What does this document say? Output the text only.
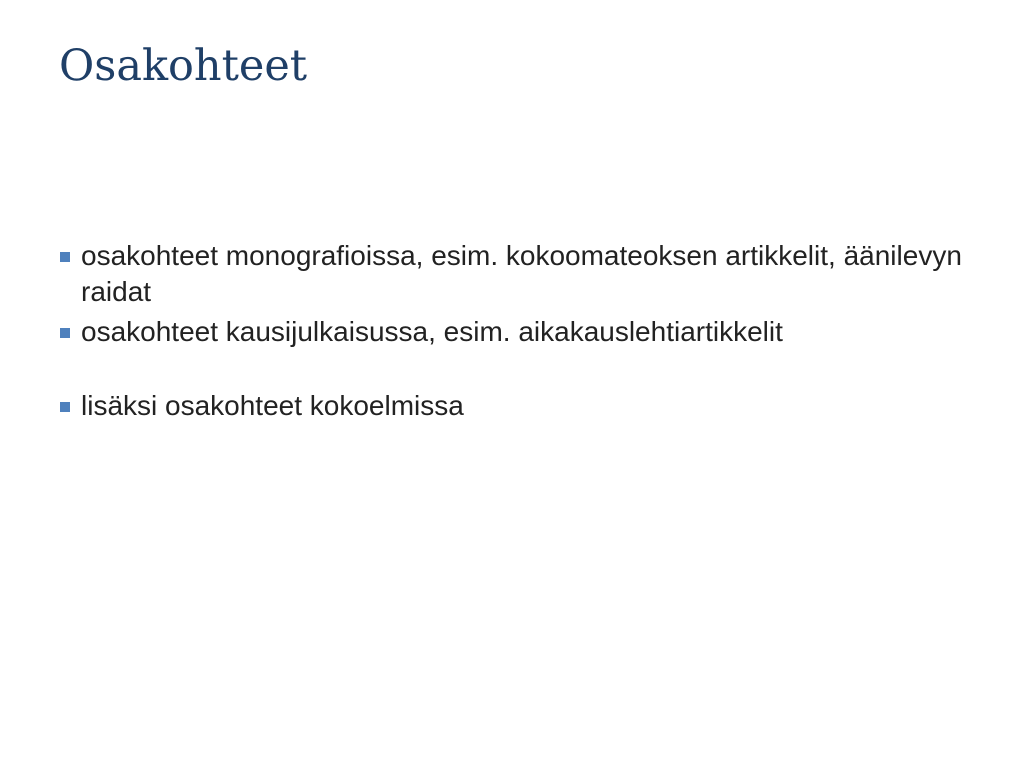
Osakohteet
osakohteet monografioissa, esim. kokoomateoksen artikkelit, äänilevyn raidat
osakohteet kausijulkaisussa, esim. aikakauslehtiartikkelit
lisäksi osakohteet kokoelmissa
